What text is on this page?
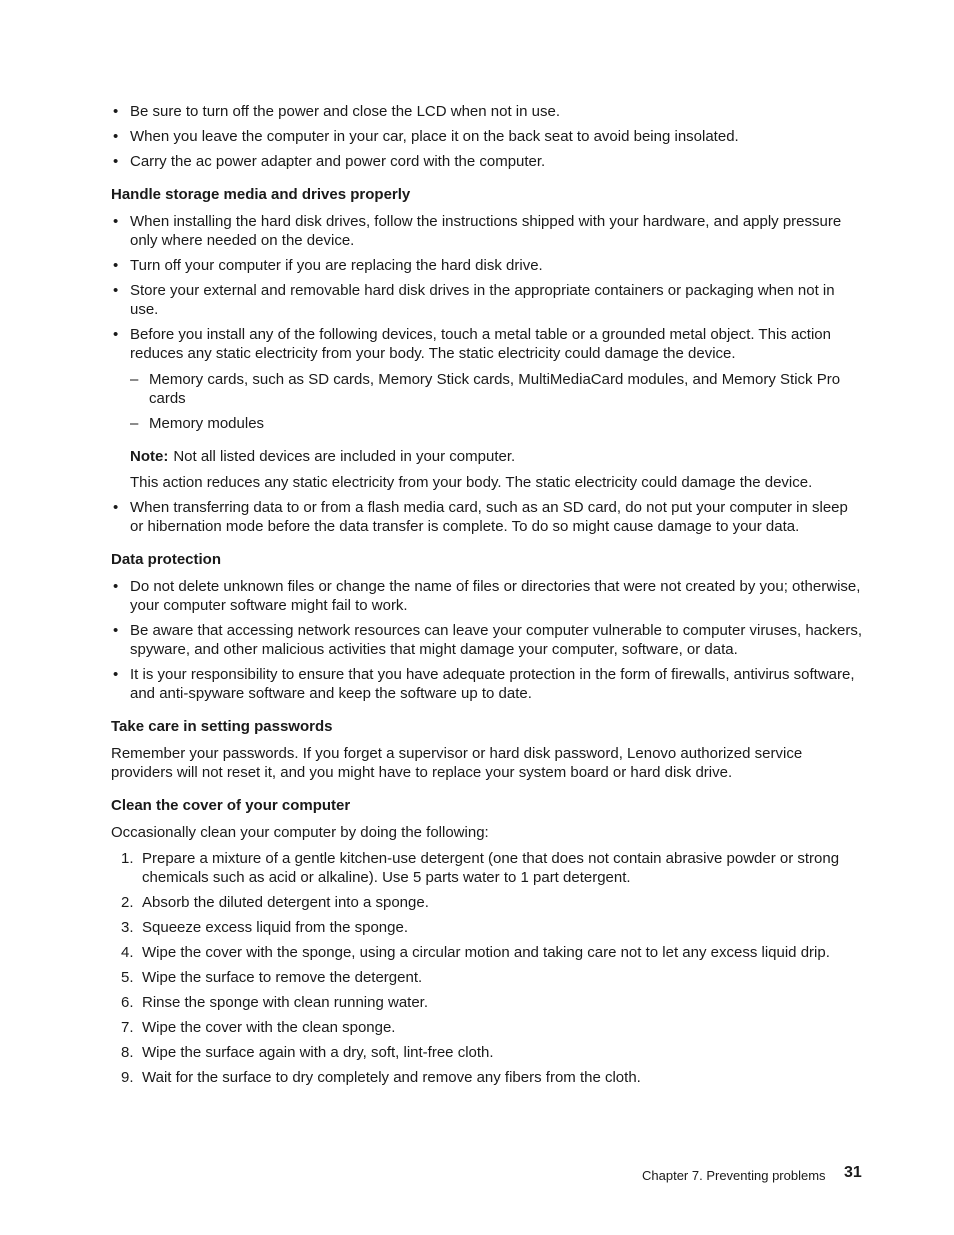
• Be sure to turn off the power and close the LCD when not in use.
• When you leave the computer in your car, place it on the back seat to avoid being insolated.
• Carry the ac power adapter and power cord with the computer.
Handle storage media and drives properly
• When installing the hard disk drives, follow the instructions shipped with your hardware, and apply pressure only where needed on the device.
• Turn off your computer if you are replacing the hard disk drive.
• Store your external and removable hard disk drives in the appropriate containers or packaging when not in use.
• Before you install any of the following devices, touch a metal table or a grounded metal object. This action reduces any static electricity from your body. The static electricity could damage the device.
– Memory cards, such as SD cards, Memory Stick cards, MultiMediaCard modules, and Memory Stick Pro cards
– Memory modules

Note: Not all listed devices are included in your computer.

This action reduces any static electricity from your body. The static electricity could damage the device.

• When transferring data to or from a flash media card, such as an SD card, do not put your computer in sleep or hibernation mode before the data transfer is complete. To do so might cause damage to your data.
Data protection
• Do not delete unknown files or change the name of files or directories that were not created by you; otherwise, your computer software might fail to work.
• Be aware that accessing network resources can leave your computer vulnerable to computer viruses, hackers, spyware, and other malicious activities that might damage your computer, software, or data.
• It is your responsibility to ensure that you have adequate protection in the form of firewalls, antivirus software, and anti-spyware software and keep the software up to date.
Take care in setting passwords

Remember your passwords. If you forget a supervisor or hard disk password, Lenovo authorized service providers will not reset it, and you might have to replace your system board or hard disk drive.

Clean the cover of your computer

Occasionally clean your computer by doing the following:

1. Prepare a mixture of a gentle kitchen-use detergent (one that does not contain abrasive powder or strong chemicals such as acid or alkaline). Use 5 parts water to 1 part detergent.
2. Absorb the diluted detergent into a sponge.
3. Squeeze excess liquid from the sponge.
4. Wipe the cover with the sponge, using a circular motion and taking care not to let any excess liquid drip.
5. Wipe the surface to remove the detergent.
6. Rinse the sponge with clean running water.
7. Wipe the cover with the clean sponge.
8. Wipe the surface again with a dry, soft, lint-free cloth.
9. Wait for the surface to dry completely and remove any fibers from the cloth.
Chapter 7. Preventing problems 31
